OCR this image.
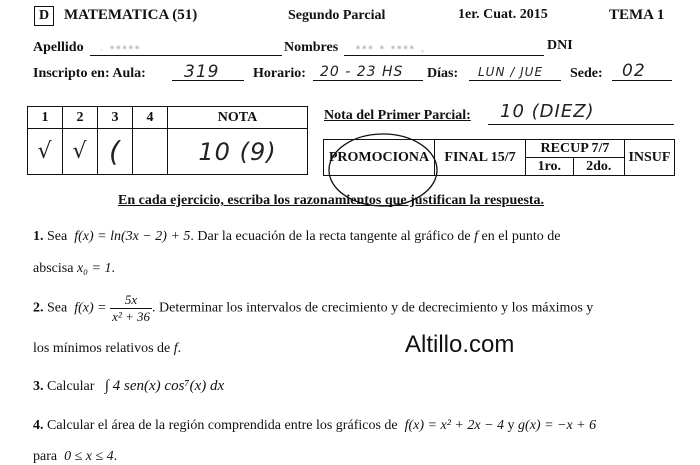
D MATEMATICA (51)	Segundo Parcial	1er. Cuat. 2015	TEMA 1
Apellido . ▪▪▪▪▪	Nombres ▪▪▪ ▪ ▪▪▪▪ ,	DNI
Inscripto en: Aula: 319 Horario: 20 - 23 HS Días: LUN / JUE Sede: 02
1	2	3	4	NOTA
√	√	(		10 (9)
Nota del Primer Parcial: 10 (DIEZ)
PROMOCIONA	FINAL 15/7	RECUP 7/7		INSUF
		1ro.	2do.	
En cada ejercicio, escriba los razonamientos que justifican la respuesta.
1. Sea f(x) = ln(3x − 2) + 5. Dar la ecuación de la recta tangente al gráfico de f en el punto de
abscisa x₀ = 1.
2. Sea $f(x) = \frac{5x}{\text{x² + 36}}$ . Determinar los intervalos de crecimiento y de decrecimiento y los máximos y
los mínimos relativos de f.	Altillo.com
3. Calcular ∫ 4 sen(x) cos⁷(x) dx
4. Calcular el área de la región comprendida entre los gráficos de f(x) = x² + 2x − 4 y g(x) = −x + 6
para 0 ≤ x ≤ 4.
